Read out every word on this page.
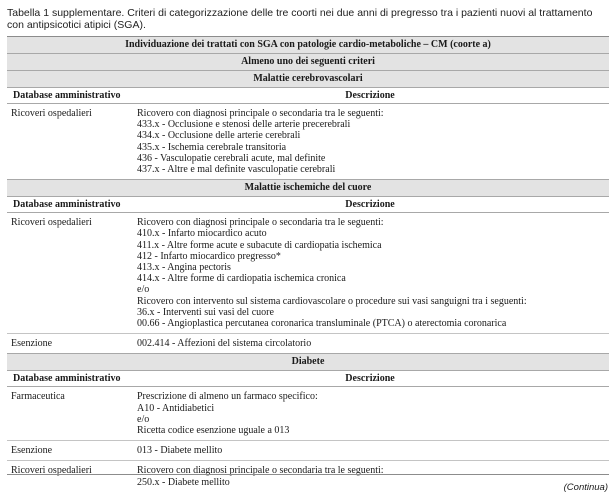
Tabella 1 supplementare. Criteri di categorizzazione delle tre coorti nei due anni di pregresso tra i pazienti nuovi al trattamento con antipsicotici atipici (SGA).
Individuazione dei trattati con SGA con patologie cardio-metaboliche – CM (coorte a)
Almeno uno dei seguenti criteri
Malattie cerebrovascolari
Database amministrativo	Descrizione
Ricoveri ospedalieri	Ricovero con diagnosi principale o secondaria tra le seguenti:
433.x - Occlusione e stenosi delle arterie precerebrali
434.x - Occlusione delle arterie cerebrali
435.x - Ischemia cerebrale transitoria
436 - Vasculopatie cerebrali acute, mal definite
437.x - Altre e mal definite vasculopatie cerebrali
Malattie ischemiche del cuore
Database amministrativo	Descrizione
Ricoveri ospedalieri	Ricovero con diagnosi principale o secondaria tra le seguenti:
410.x - Infarto miocardico acuto
411.x - Altre forme acute e subacute di cardiopatia ischemica
412 - Infarto miocardico pregresso*
413.x - Angina pectoris
414.x - Altre forme di cardiopatia ischemica cronica
e/o
Ricovero con intervento sul sistema cardiovascolare o procedure sui vasi sanguigni tra i seguenti:
36.x - Interventi sui vasi del cuore
00.66 - Angioplastica percutanea coronarica transluminale (PTCA) o aterectomia coronarica
Esenzione	002.414 - Affezioni del sistema circolatorio
Diabete
Database amministrativo	Descrizione
Farmaceutica	Prescrizione di almeno un farmaco specifico:
A10 - Antidiabetici
e/o
Ricetta codice esenzione uguale a 013
Esenzione	013 - Diabete mellito
Ricoveri ospedalieri	Ricovero con diagnosi principale o secondaria tra le seguenti:
250.x - Diabete mellito	(Continua)
